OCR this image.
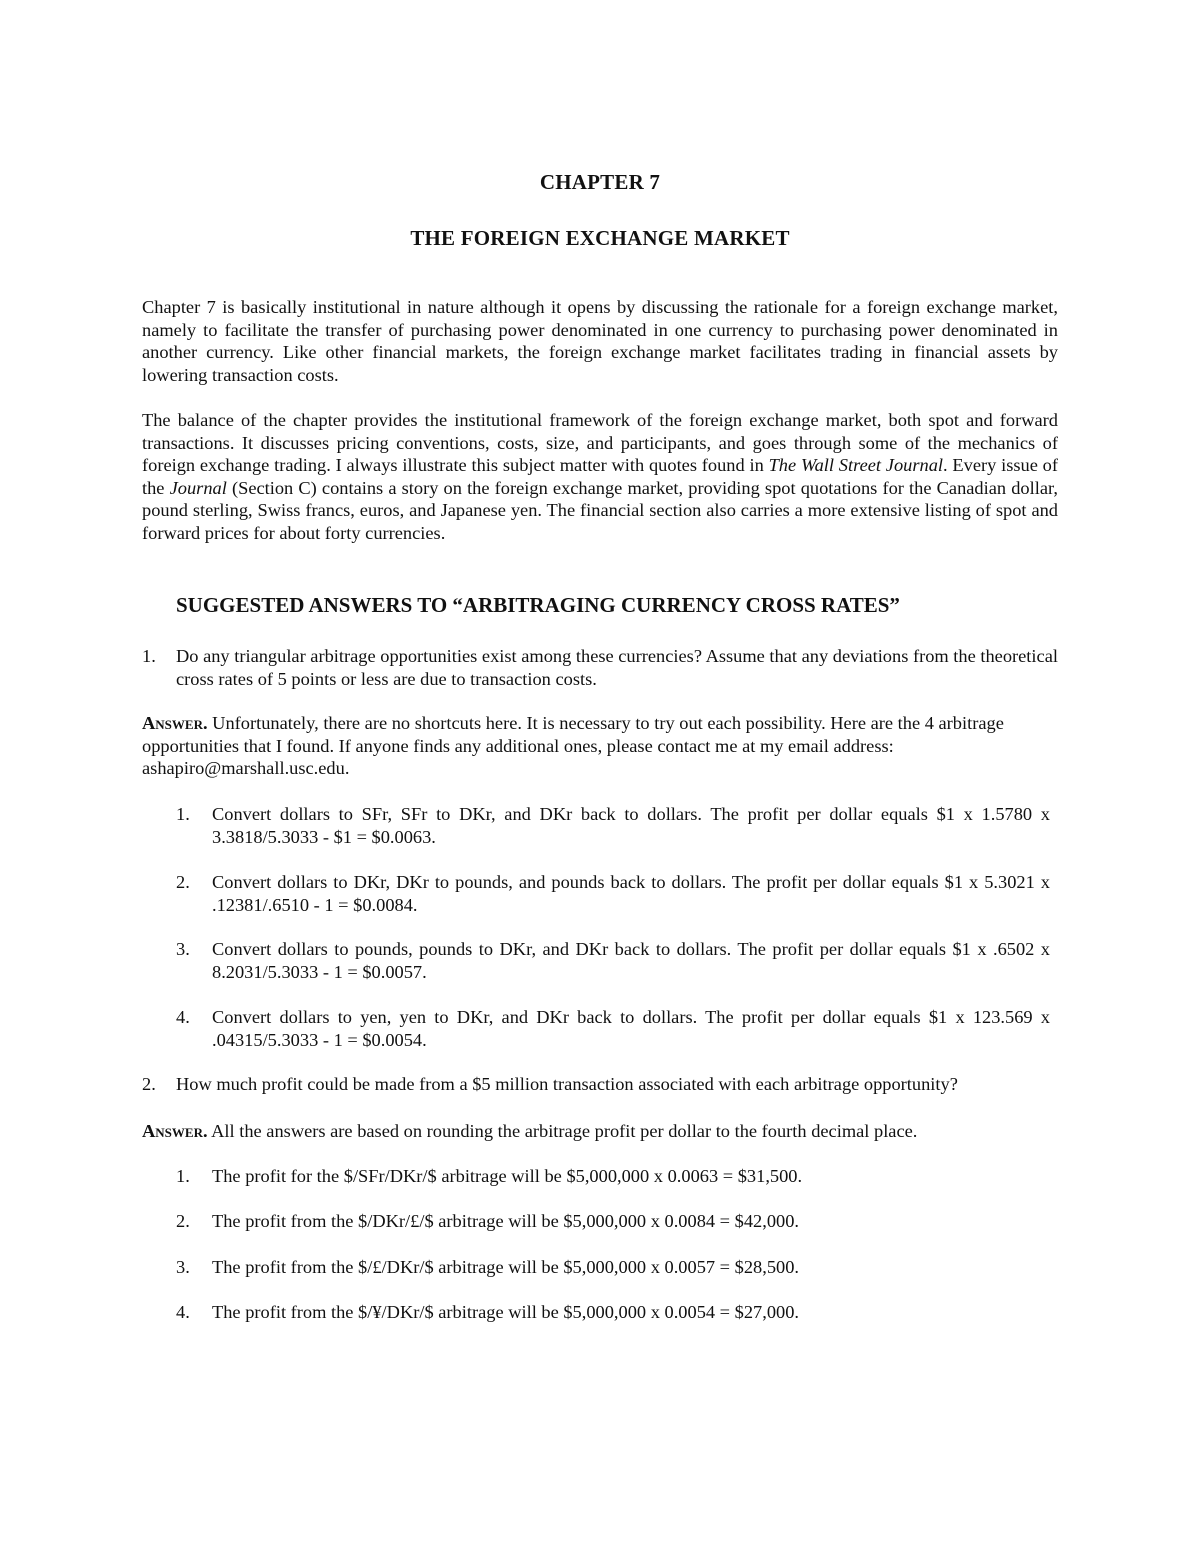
CHAPTER 7
THE FOREIGN EXCHANGE MARKET
Chapter 7 is basically institutional in nature although it opens by discussing the rationale for a foreign exchange market, namely to facilitate the transfer of purchasing power denominated in one currency to purchasing power denominated in another currency. Like other financial markets, the foreign exchange market facilitates trading in financial assets by lowering transaction costs.
The balance of the chapter provides the institutional framework of the foreign exchange market, both spot and forward transactions. It discusses pricing conventions, costs, size, and participants, and goes through some of the mechanics of foreign exchange trading. I always illustrate this subject matter with quotes found in The Wall Street Journal. Every issue of the Journal (Section C) contains a story on the foreign exchange market, providing spot quotations for the Canadian dollar, pound sterling, Swiss francs, euros, and Japanese yen. The financial section also carries a more extensive listing of spot and forward prices for about forty currencies.
SUGGESTED ANSWERS TO “ARBITRAGING CURRENCY CROSS RATES”
1. Do any triangular arbitrage opportunities exist among these currencies? Assume that any deviations from the theoretical cross rates of 5 points or less are due to transaction costs.
Answer. Unfortunately, there are no shortcuts here. It is necessary to try out each possibility. Here are the 4 arbitrage opportunities that I found. If anyone finds any additional ones, please contact me at my email address: ashapiro@marshall.usc.edu.
1. Convert dollars to SFr, SFr to DKr, and DKr back to dollars. The profit per dollar equals $1 x 1.5780 x 3.3818/5.3033 - $1 = $0.0063.
2. Convert dollars to DKr, DKr to pounds, and pounds back to dollars. The profit per dollar equals $1 x 5.3021 x .12381/.6510 - 1 = $0.0084.
3. Convert dollars to pounds, pounds to DKr, and DKr back to dollars. The profit per dollar equals $1 x .6502 x 8.2031/5.3033 - 1 = $0.0057.
4. Convert dollars to yen, yen to DKr, and DKr back to dollars. The profit per dollar equals $1 x 123.569 x .04315/5.3033 - 1 = $0.0054.
2. How much profit could be made from a $5 million transaction associated with each arbitrage opportunity?
Answer. All the answers are based on rounding the arbitrage profit per dollar to the fourth decimal place.
1. The profit for the $/SFr/DKr/$ arbitrage will be $5,000,000 x 0.0063 = $31,500.
2. The profit from the $/DKr/£/$ arbitrage will be $5,000,000 x 0.0084 = $42,000.
3. The profit from the $/£/DKr/$ arbitrage will be $5,000,000 x 0.0057 = $28,500.
4. The profit from the $/¥/DKr/$ arbitrage will be $5,000,000 x 0.0054 = $27,000.
